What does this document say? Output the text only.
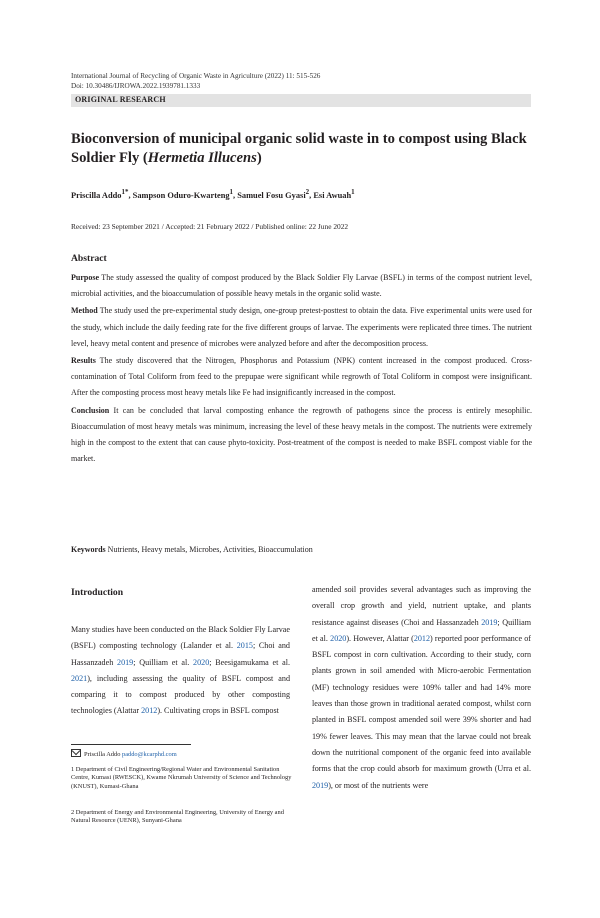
International Journal of Recycling of Organic Waste in Agriculture (2022) 11: 515-526
Doi: 10.30486/IJROWA.2022.1939781.1333
ORIGINAL RESEARCH
Bioconversion of municipal organic solid waste in to compost using Black Soldier Fly (Hermetia Illucens)
Priscilla Addo$^{1*}$, Sampson Oduro-Kwarteng$^1$, Samuel Fosu Gyasi$^2$, Esi Awuah$^1$
Received: 23 September 2021 / Accepted: 21 February 2022 / Published online: 22 June 2022
Abstract

Purpose The study assessed the quality of compost produced by the Black Soldier Fly Larvae (BSFL) in terms of the compost nutrient level, microbial activities, and the bioaccumulation of possible heavy metals in the organic solid waste.

Method The study used the pre-experimental study design, one-group pretest-posttest to obtain the data. Five experimental units were used for the study, which include the daily feeding rate for the five different groups of larvae. The experiments were replicated three times. The nutrient level, heavy metal content and presence of microbes were analyzed before and after the decomposition process.

Results The study discovered that the Nitrogen, Phosphorus and Potassium (NPK) content increased in the compost produced. Cross-contamination of Total Coliform from feed to the prepupae were significant while regrowth of Total Coliform in compost were insignificant. After the composting process most heavy metals like Fe had insignificantly increased in the compost.

Conclusion It can be concluded that larval composting enhance the regrowth of pathogens since the process is entirely mesophilic. Bioaccumulation of most heavy metals was minimum, increasing the level of these heavy metals in the compost. The nutrients were extremely high in the compost to the extent that can cause phyto-toxicity. Post-treatment of the compost is needed to make BSFL compost viable for the market.

Keywords Nutrients, Heavy metals, Microbes, Activities, Bioaccumulation
Introduction
Many studies have been conducted on the Black Soldier Fly Larvae (BSFL) composting technology (Lalander et al. 2015; Choi and Hassanzadeh 2019; Quilliam et al. 2020; Beesigamukama et al. 2021), including assessing the quality of BSFL compost and comparing it to compost produced by other composting technologies (Alattar 2012). Cultivating crops in BSFL compost
amended soil provides several advantages such as improving the overall crop growth and yield, nutrient uptake, and plants resistance against diseases (Choi and Hassanzadeh 2019; Quilliam et al. 2020). However, Alattar (2012) reported poor performance of BSFL compost in corn cultivation. According to their study, corn plants grown in soil amended with Micro-aerobic Fermentation (MF) technology residues were 109% taller and had 14% more leaves than those grown in traditional aerated compost, whilst corn planted in BSFL compost amended soil were 39% shorter and had 19% fewer leaves. This may mean that the larvae could not break down the nutritional component of the organic feed into available forms that the crop could absorb for maximum growth (Urra et al. 2019), or most of the nutrients were
Priscilla Addo paddo@kcarphd.com
1 Department of Civil Engineering/Regional Water and Environmental Sanitation Centre, Kumasi (RWESCK), Kwame Nkrumah University of Science and Technology (KNUST), Kumasi-Ghana
2 Department of Energy and Environmental Engineering, University of Energy and Natural Resource (UENR), Sunyani-Ghana
